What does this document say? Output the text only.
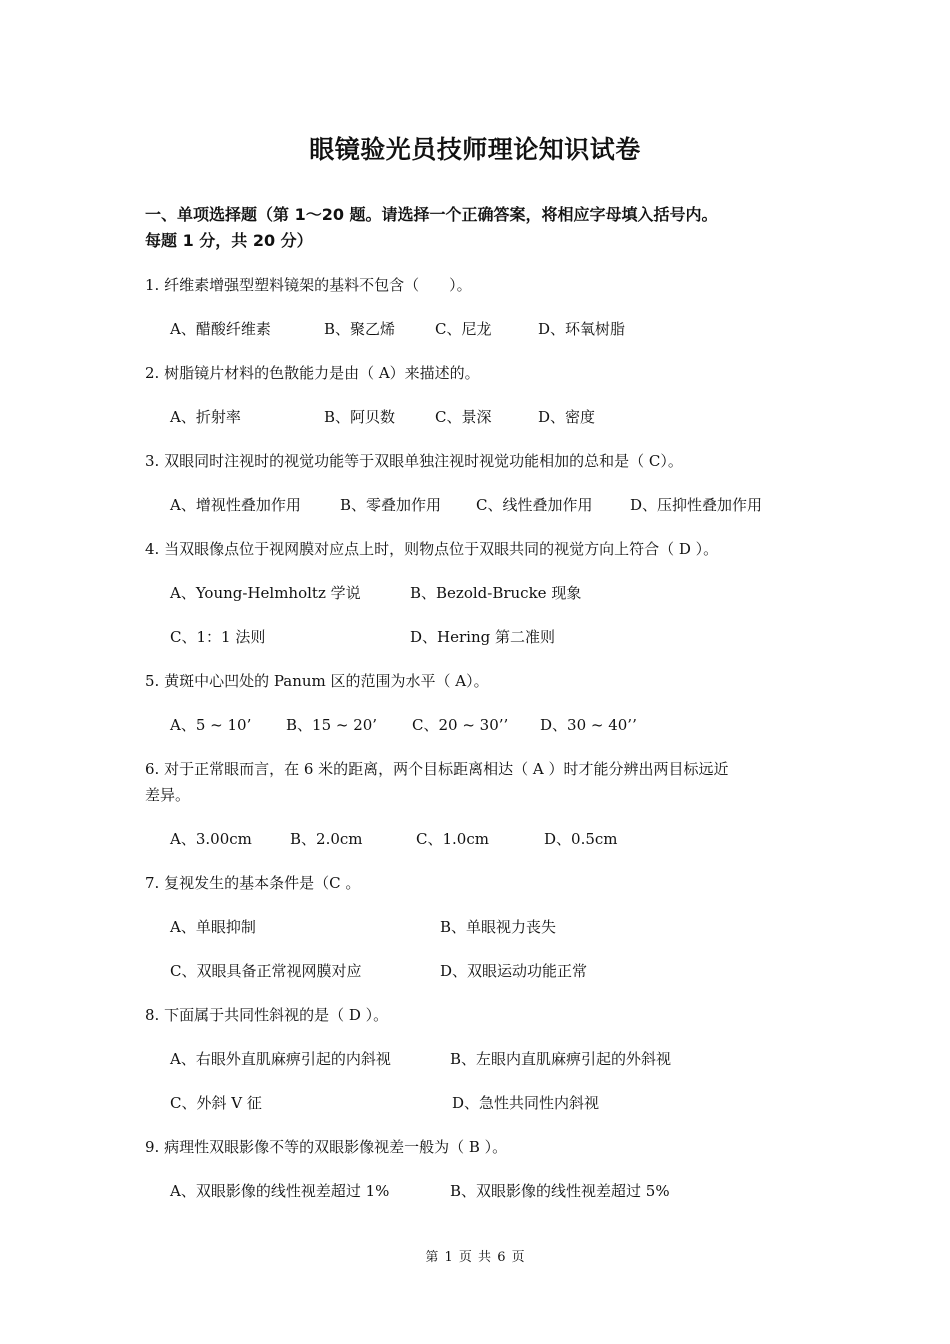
眼镜验光员技师理论知识试卷
一、单项选择题（第 1～20 题。请选择一个正确答案，将相应字母填入括号内。
每题 1 分，共 20 分）
1. 纤维素增强型塑料镜架的基料不包含（　　）。
A、醋酸纤维素	B、聚乙烯	C、尼龙	D、环氧树脂
2. 树脂镜片材料的色散能力是由（ A）来描述的。
A、折射率	B、阿贝数	C、景深	D、密度
3. 双眼同时注视时的视觉功能等于双眼单独注视时视觉功能相加的总和是（ C）。
A、增视性叠加作用	B、零叠加作用 C、线性叠加作用	D、压抑性叠加作用
4. 当双眼像点位于视网膜对应点上时，则物点位于双眼共同的视觉方向上符合（ D ）。
A、Young-Helmholtz 学说	B、Bezold-Brucke 现象
C、1：1 法则	D、Hering 第二准则
5. 黄斑中心凹处的 Panum 区的范围为水平（ A）。
A、5 ~ 10’ B、15 ~ 20’ C、20 ~ 30’’ D、30 ~ 40’’
6. 对于正常眼而言，在 6 米的距离，两个目标距离相达（ A ）时才能分辨出两目标远近
差异。
A、3.00cm	B、2.0cm	C、1.0cm	D、0.5cm
7. 复视发生的基本条件是（C 。
A、单眼抑制	B、单眼视力丧失
C、双眼具备正常视网膜对应	D、双眼运动功能正常
8. 下面属于共同性斜视的是（ D ）。
A、右眼外直肌麻痹引起的内斜视	B、左眼内直肌麻痹引起的外斜视
C、外斜 V 征	D、急性共同性内斜视
9. 病理性双眼影像不等的双眼影像视差一般为（ B ）。
A、双眼影像的线性视差超过 1%	B、双眼影像的线性视差超过 5%
第 1 页 共 6 页
